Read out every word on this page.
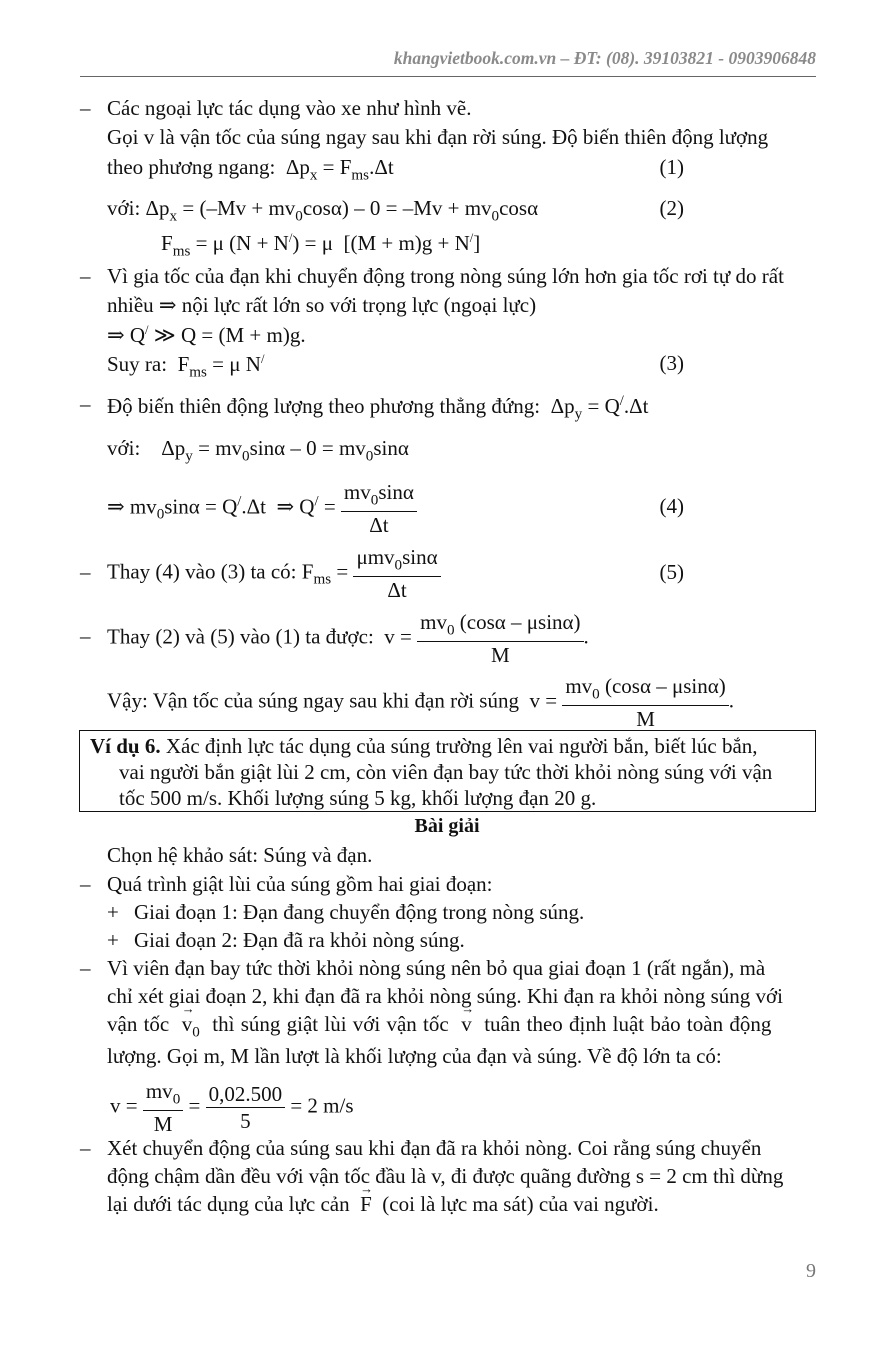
khangvietbook.com.vn – ĐT: (08). 39103821 - 0903906848
– Các ngoại lực tác dụng vào xe như hình vẽ.
Gọi v là vận tốc của súng ngay sau khi đạn rời súng. Độ biến thiên động lượng
theo phương ngang: $\Delta p_x = F_{ms}.\Delta t$	(1)
với: $\Delta p_x = (-Mv + mv_0\cos\alpha) - 0 = -Mv + mv_0\cos\alpha$	(2)
$F_{ms} = \mu$ (N + N/) = μ  [(M + m)g + N/]
– Vì gia tốc của đạn khi chuyển động trong nòng súng lớn hơn gia tốc rơi tự do rất
nhiều ⇒ nội lực rất lớn so với trọng lực (ngoại lực)
⇒ Q/ ≫ Q = (M + m)g.
Suy ra: $F_{ms} = \mu$ N/	(3)
– Độ biến thiên động lượng theo phương thẳng đứng: $\Delta p_y = Q^/.\Delta t$
với: $\Delta p_y = mv_0\sin\alpha - 0 = mv_0\sin\alpha$
⇒ $mv_0\sin\alpha = Q^/.\Delta t$  ⇒ $Q^/ = \frac{mv_0\sin\alpha}{\Delta t}$	(4)
– Thay (4) vào (3) ta có: $F_{ms} = \frac{\mu mv_0\sin\alpha}{\Delta t}$	(5)
– Thay (2) và (5) vào (1) ta được:  $v = \frac{mv_0 (\cos\alpha - \mu\sin\alpha)}{M}$ .
Vậy: Vận tốc của súng ngay sau khi đạn rời súng  $v = \frac{mv_0 (\cos\alpha - \mu\sin\alpha)}{M}$ .
Ví dụ 6. Xác định lực tác dụng của súng trường lên vai người bắn, biết lúc bắn,
vai người bắn giật lùi 2 cm, còn viên đạn bay tức thời khỏi nòng súng với vận
tốc 500 m/s. Khối lượng súng 5 kg, khối lượng đạn 20 g.
Bài giải
Chọn hệ khảo sát: Súng và đạn.
– Quá trình giật lùi của súng gồm hai giai đoạn:
+ Giai đoạn 1: Đạn đang chuyển động trong nòng súng.
+ Giai đoạn 2: Đạn đã ra khỏi nòng súng.
– Vì viên đạn bay tức thời khỏi nòng súng nên bỏ qua giai đoạn 1 (rất ngắn), mà
chỉ xét giai đoạn 2, khi đạn đã ra khỏi nòng súng. Khi đạn ra khỏi nòng súng với
vận tốc → $v_0$ thì súng giật lùi với vận tốc → v tuân theo định luật bảo toàn động
lượng. Gọi m, M lần lượt là khối lượng của đạn và súng. Về độ lớn ta có:
$v = \frac{mv_0}{M} = \frac{0,02.500}{5} = 2$ m/s
– Xét chuyển động của súng sau khi đạn đã ra khỏi nòng. Coi rằng súng chuyển
động chậm dần đều với vận tốc đầu là v, đi được quãng đường s = 2 cm thì dừng
lại dưới tác dụng của lực cản → F (coi là lực ma sát) của vai người.
9
